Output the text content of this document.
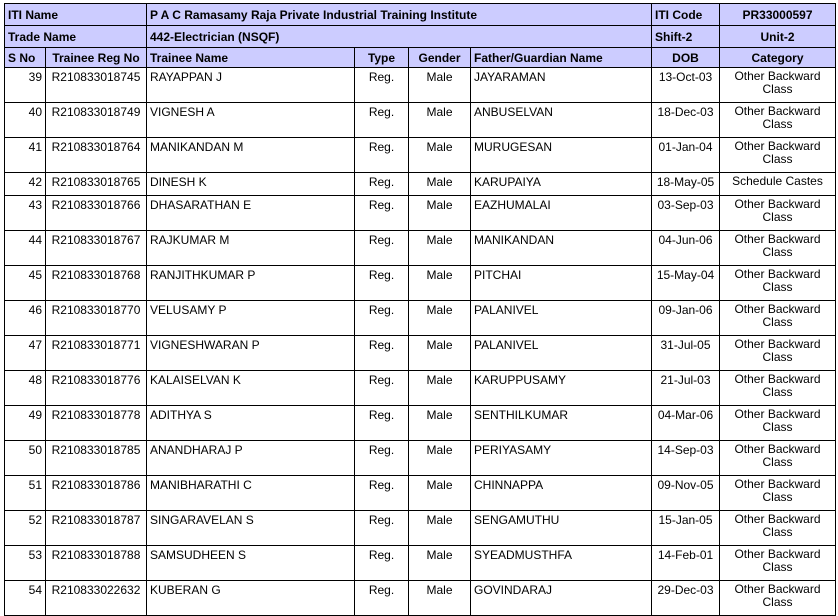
ITI Name		P A C Ramasamy Raja Private Industrial Training Institute				ITI Code	PR33000597
Trade Name		442-Electrician (NSQF)				Shift-2	Unit-2
S No	Trainee Reg No	Trainee Name	Type	Gender	Father/Guardian Name	DOB	Category
39	R210833018745	RAYAPPAN J	Reg.	Male	JAYARAMAN	13-Oct-03	Other Backward Class
40	R210833018749	VIGNESH A	Reg.	Male	ANBUSELVAN	18-Dec-03	Other Backward Class
41	R210833018764	MANIKANDAN M	Reg.	Male	MURUGESAN	01-Jan-04	Other Backward Class
42	R210833018765	DINESH K	Reg.	Male	KARUPAIYA	18-May-05	Schedule Castes
43	R210833018766	DHASARATHAN E	Reg.	Male	EAZHUMALAI	03-Sep-03	Other Backward Class
44	R210833018767	RAJKUMAR M	Reg.	Male	MANIKANDAN	04-Jun-06	Other Backward Class
45	R210833018768	RANJITHKUMAR P	Reg.	Male	PITCHAI	15-May-04	Other Backward Class
46	R210833018770	VELUSAMY P	Reg.	Male	PALANIVEL	09-Jan-06	Other Backward Class
47	R210833018771	VIGNESHWARAN P	Reg.	Male	PALANIVEL	31-Jul-05	Other Backward Class
48	R210833018776	KALAISELVAN K	Reg.	Male	KARUPPUSAMY	21-Jul-03	Other Backward Class
49	R210833018778	ADITHYA S	Reg.	Male	SENTHILKUMAR	04-Mar-06	Other Backward Class
50	R210833018785	ANANDHARAJ P	Reg.	Male	PERIYASAMY	14-Sep-03	Other Backward Class
51	R210833018786	MANIBHARATHI C	Reg.	Male	CHINNAPPA	09-Nov-05	Other Backward Class
52	R210833018787	SINGARAVELAN S	Reg.	Male	SENGAMUTHU	15-Jan-05	Other Backward Class
53	R210833018788	SAMSUDHEEN S	Reg.	Male	SYEADMUSTHFA	14-Feb-01	Other Backward Class
54	R210833022632	KUBERAN G	Reg.	Male	GOVINDARAJ	29-Dec-03	Other Backward Class
